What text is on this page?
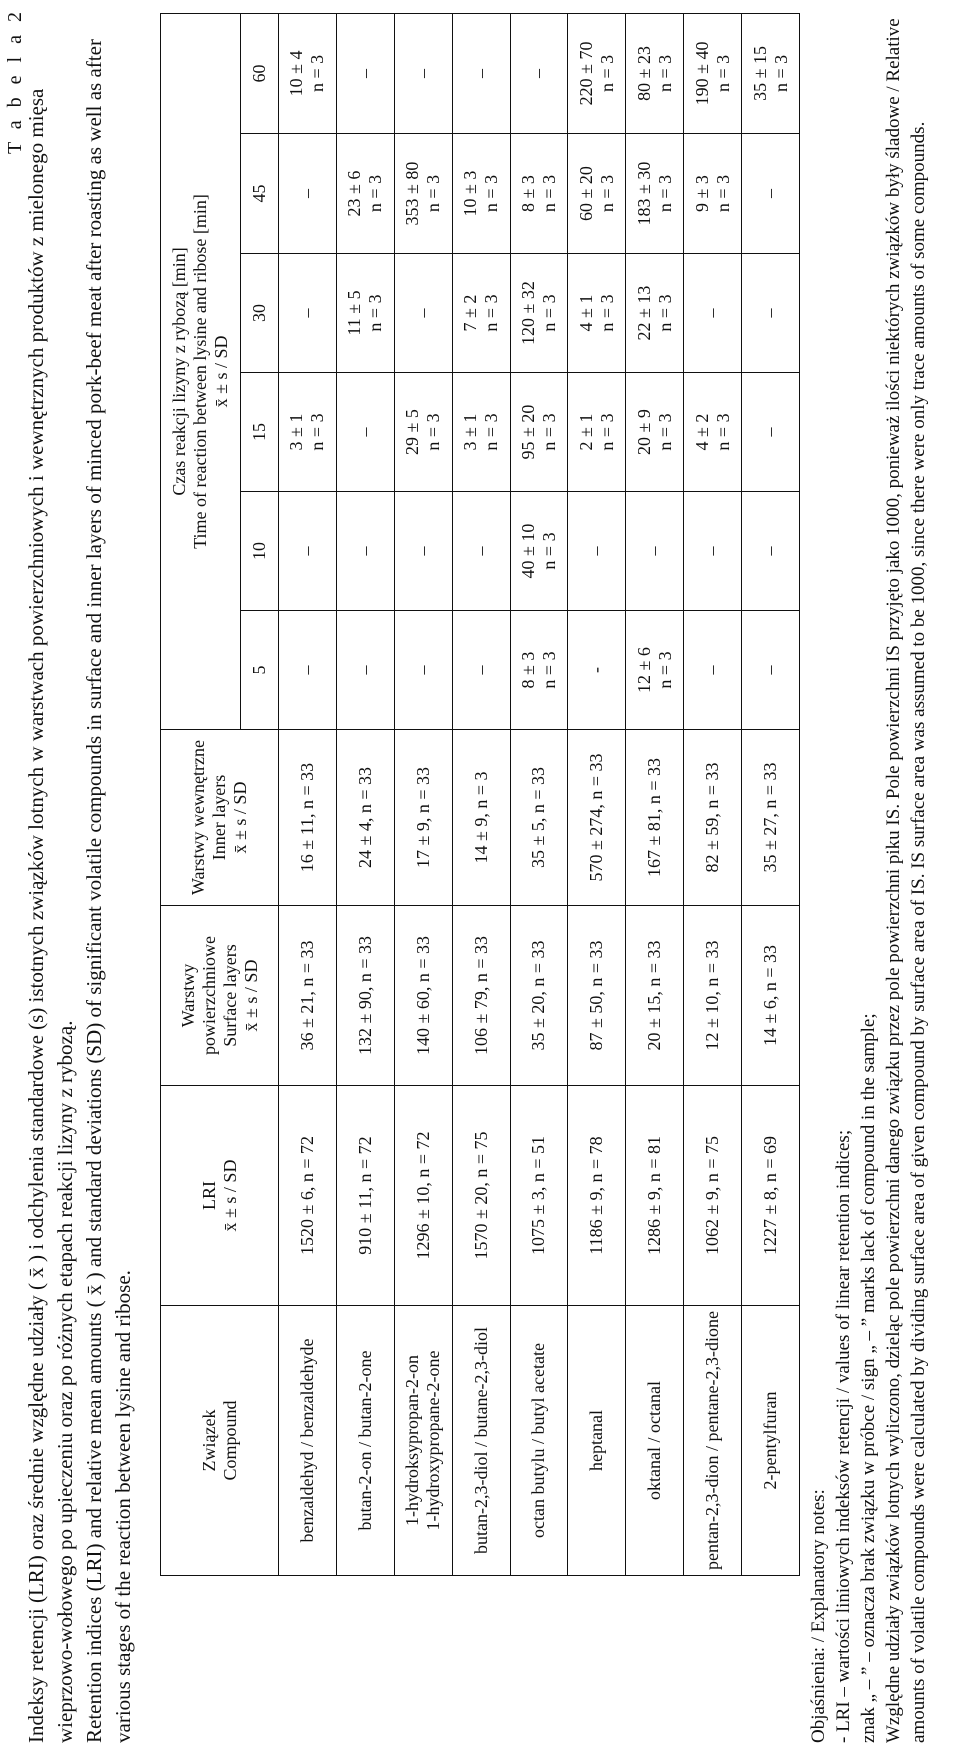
T a b e l a 2

Indeksy retencji (LRI) oraz średnie względne udziały ( x̄ ) i odchylenia standardowe (s) istotnych związków lotnych w warstwach powierzchniowych i wewnętrznych produktów z mielonego mięsa wieprzowo-wołowego po upieczeniu oraz po różnych etapach reakcji lizyny z rybozą. Retention indices (LRI) and relative mean amounts ( x̄ ) and standard deviations (SD) of significant volatile compounds in surface and inner layers of minced pork-beef meat after roasting as well as after various stages of the reaction between lysine and ribose.	Związek Compound	LRI x̄ ± s / SD	Warstwy powierzchniowe Surface layers x̄ ± s / SD	Warstwy wewnętrzne Inner layers x̄ ± s / SD	Czas reakcji lizyny z rybozą [min] Time of reaction between lysine and ribose [min] x̄ ± s / SD					

				5	10	15	30	45	60

benzaldehyd / benzaldehyde	1520 ± 6, n = 72	36 ± 21, n = 33	16 ± 11, n = 33	–	–	3 ± 1 n = 3	–	–	10 ± 4 n = 3

butan-2-on / butan-2-one	910 ± 11, n = 72	132 ± 90, n = 33	24 ± 4, n = 33	–	–	–	11 ± 5 n = 3	23 ± 6 n = 3	–

1-hydroksypropan-2-on 1-hydroxypropane-2-one	1296 ± 10, n = 72	140 ± 60, n = 33	17 ± 9, n = 33	–	–	29 ± 5 n = 3	–	353 ± 80 n = 3	–

butan-2,3-diol / butane-2,3-diol	1570 ± 20, n = 75	106 ± 79, n = 33	14 ± 9, n = 3	–	–	3 ± 1 n = 3	7 ± 2 n = 3	10 ± 3 n = 3	–

octan butylu / butyl acetate	1075 ± 3, n = 51	35 ± 20, n = 33	35 ± 5, n = 33	8 ± 3 n = 3	40 ± 10 n = 3	95 ± 20 n = 3	120 ± 32 n = 3	8 ± 3 n = 3	–

heptanal	1186 ± 9, n = 78	87 ± 50, n = 33	570 ± 274, n = 33	-	–	2 ± 1 n = 3	4 ± 1 n = 3	60 ± 20 n = 3	220 ± 70 n = 3

oktanal / octanal	1286 ± 9, n = 81	20 ± 15, n = 33	167 ± 81, n = 33	12 ± 6 n = 3	–	20 ± 9 n = 3	22 ± 13 n = 3	183 ± 30 n = 3	80 ± 23 n = 3

pentan-2,3-dion / pentane-2,3-dione	1062 ± 9, n = 75	12 ± 10, n = 33	82 ± 59, n = 33	–	–	4 ± 2 n = 3	–	9 ± 3 n = 3	190 ± 40 n = 3

2-pentylfuran	1227 ± 8, n = 69	14 ± 6, n = 33	35 ± 27, n = 33	–	–	–	–	–	35 ± 15 n = 3

Objaśnienia: / Explanatory notes: - LRI – wartości liniowych indeksów retencji / values of linear retention indices; znak „ – ” – oznacza brak związku w próbce / sign „ – ” marks lack of compound in the sample; Względne udziały związków lotnych wyliczono, dzieląc pole powierzchni danego związku przez pole powierzchni piku IS. Pole powierzchni IS przyjęto jako 1000, ponieważ ilości niektórych związków były śladowe / Relative amounts of volatile compounds were calculated by dividing surface area of given compound by surface area of IS. IS surface area was assumed to be 1000, since there were only trace amounts of some compounds.
